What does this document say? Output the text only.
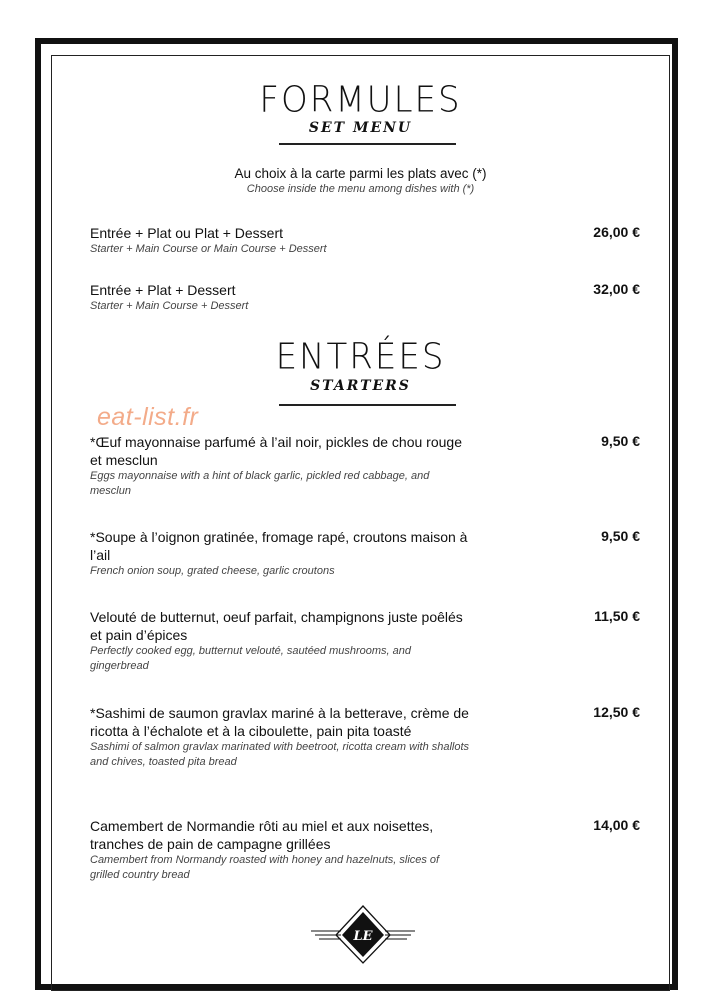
FORMULES
SET MENU
Au choix à la carte parmi les plats avec (*)
Choose inside the menu among dishes with (*)
Entrée + Plat ou Plat + Dessert
Starter + Main Course or Main Course + Dessert
26,00 €
Entrée + Plat + Dessert
Starter + Main Course + Dessert
32,00 €
ENTRÉES
STARTERS
eat-list.fr
*Œuf mayonnaise parfumé à l’ail noir, pickles de chou rouge et mesclun
Eggs mayonnaise with a hint of black garlic, pickled red cabbage, and mesclun
9,50 €
*Soupe à l’oignon gratinée, fromage rapé, croutons maison à l’ail
French onion soup, grated cheese, garlic croutons
9,50 €
Velouté de butternut, oeuf parfait, champignons juste poêlés et pain d’épices
Perfectly cooked egg, butternut velouté, sautéed mushrooms, and gingerbread
11,50 €
*Sashimi de saumon gravlax mariné à la betterave, crème de ricotta à l’échalote et à la ciboulette, pain pita toasté
Sashimi of salmon gravlax marinated with beetroot, ricotta cream with shallots and chives, toasted pita bread
12,50 €
Camembert de Normandie rôti au miel et aux noisettes, tranches de pain de campagne grillées
Camembert from Normandy roasted with honey and hazelnuts, slices of grilled country bread
14,00 €
LE
